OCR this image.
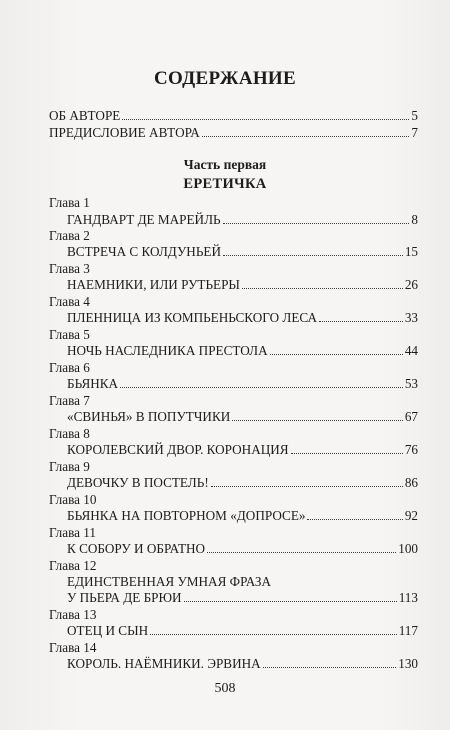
СОДЕРЖАНИЕ
ОБ АВТОРЕ	5
ПРЕДИСЛОВИЕ АВТОРА	7
Часть первая
ЕРЕТИЧКА
Глава 1
ГАНДВАРТ ДЕ МАРЕЙЛЬ	8
Глава 2
ВСТРЕЧА С КОЛДУНЬЕЙ	15
Глава 3
НАЕМНИКИ, ИЛИ РУТЬЕРЫ	26
Глава 4
ПЛЕННИЦА ИЗ КОМПЬЕНЬСКОГО ЛЕСА	33
Глава 5
НОЧЬ НАСЛЕДНИКА ПРЕСТОЛА	44
Глава 6
БЬЯНКА	53
Глава 7
«СВИНЬЯ» В ПОПУТЧИКИ	67
Глава 8
КОРОЛЕВСКИЙ ДВОР. КОРОНАЦИЯ	76
Глава 9
ДЕВОЧКУ В ПОСТЕЛЬ!	86
Глава 10
БЬЯНКА НА ПОВТОРНОМ «ДОПРОСЕ»	92
Глава 11
К СОБОРУ И ОБРАТНО	100
Глава 12
ЕДИНСТВЕННАЯ УМНАЯ ФРАЗА
У ПЬЕРА ДЕ БРЮИ	113
Глава 13
ОТЕЦ И СЫН	117
Глава 14
КОРОЛЬ. НАЁМНИКИ. ЭРВИНА	130
508
